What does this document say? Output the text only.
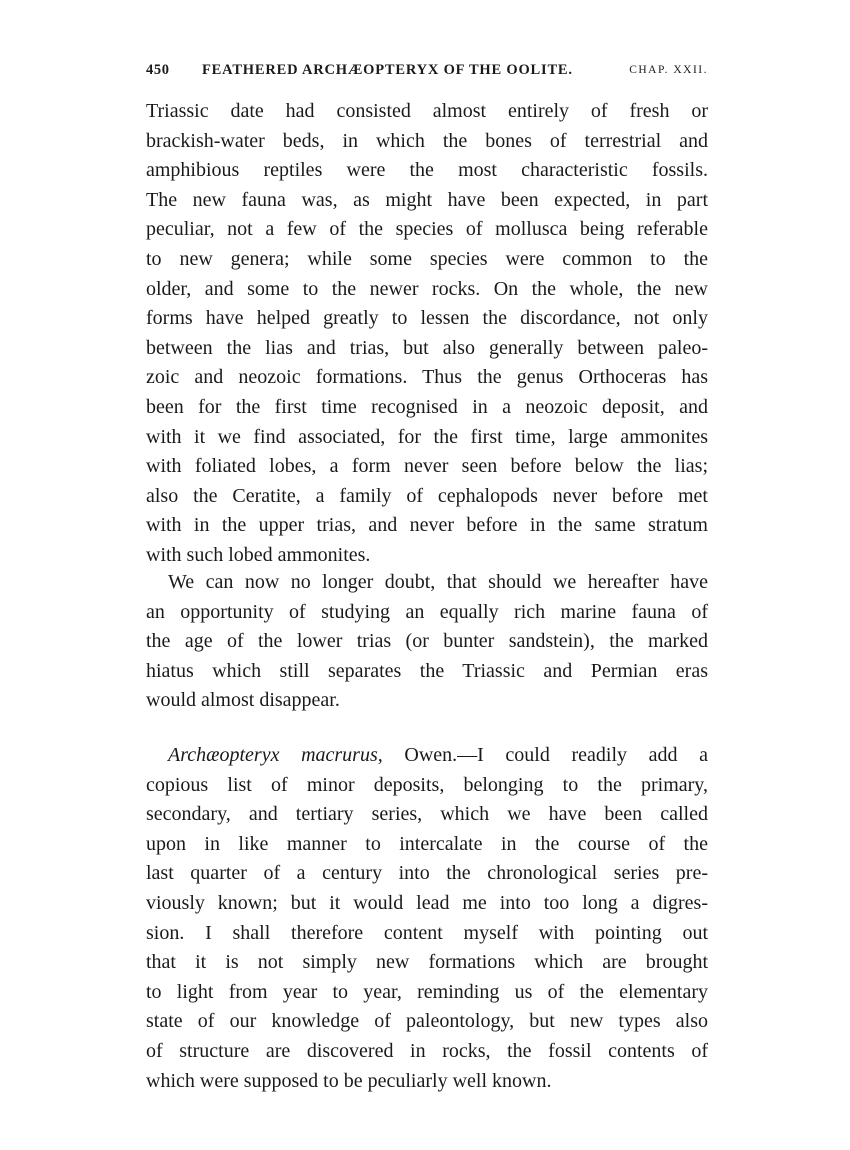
450 FEATHERED ARCHÆOPTERYX OF THE OOLITE.	CHAP. XXII.
Triassic date had consisted almost entirely of fresh or
brackish-water beds, in which the bones of terrestrial and
amphibious reptiles were the most characteristic fossils.
The new fauna was, as might have been expected, in part
peculiar, not a few of the species of mollusca being referable
to new genera; while some species were common to the
older, and some to the newer rocks. On the whole, the new
forms have helped greatly to lessen the discordance, not only
between the lias and trias, but also generally between paleo-
zoic and neozoic formations. Thus the genus Orthoceras has
been for the first time recognised in a neozoic deposit, and
with it we find associated, for the first time, large ammonites
with foliated lobes, a form never seen before below the lias;
also the Ceratite, a family of cephalopods never before met
with in the upper trias, and never before in the same stratum
with such lobed ammonites.
We can now no longer doubt, that should we hereafter have
an opportunity of studying an equally rich marine fauna of
the age of the lower trias (or bunter sandstein), the marked
hiatus which still separates the Triassic and Permian eras
would almost disappear.
Archæopteryx macrurus, Owen.—I could readily add a
copious list of minor deposits, belonging to the primary,
secondary, and tertiary series, which we have been called
upon in like manner to intercalate in the course of the
last quarter of a century into the chronological series pre-
viously known; but it would lead me into too long a digres-
sion. I shall therefore content myself with pointing out
that it is not simply new formations which are brought
to light from year to year, reminding us of the elementary
state of our knowledge of paleontology, but new types also
of structure are discovered in rocks, the fossil contents of
which were supposed to be peculiarly well known.
